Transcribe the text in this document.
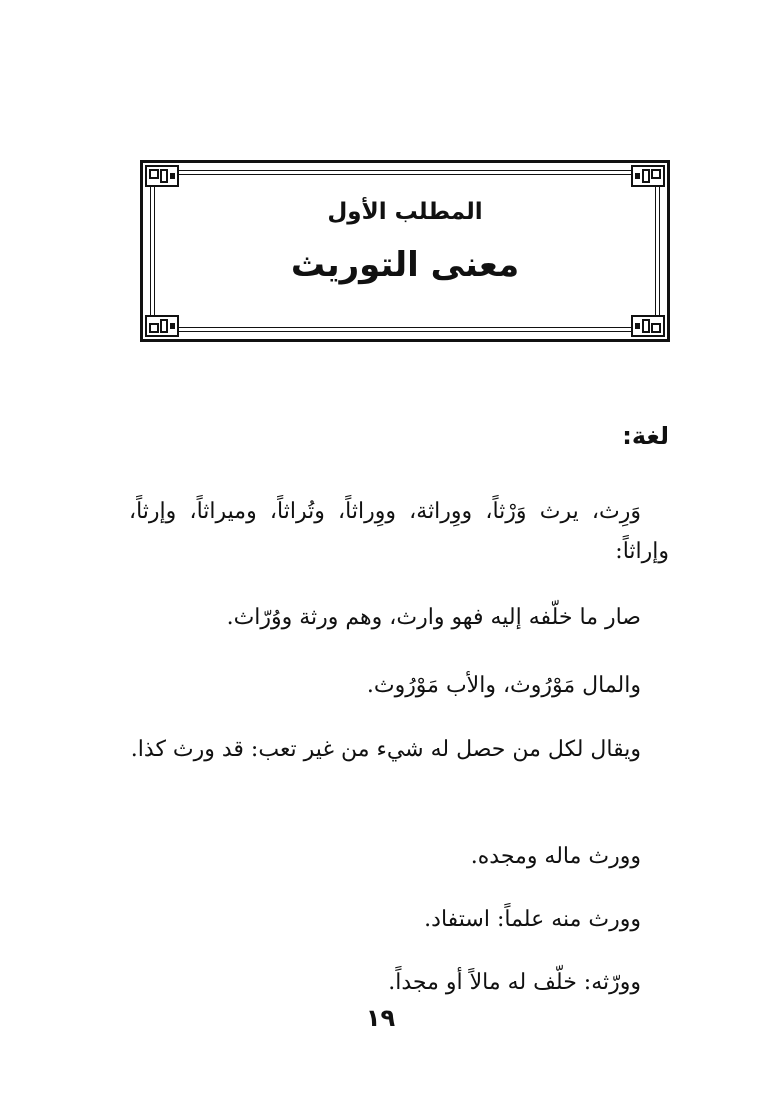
المطلب الأول
معنى التوريث
لغة:

وَرِث، يرث وَرْثاً، ووِراثة، ووِراثاً، وتُراثاً، وميراثاً، وإرثاً، وإراثاً:

صار ما خلّفه إليه فهو وارث، وهم ورثة ووُرّاث.

والمال مَوْرُوث، والأب مَوْرُوث.

ويقال لكل من حصل له شيء من غير تعب: قد ورث كذا.

وورث ماله ومجده.

وورث منه علماً: استفاد.

وورّثه: خلّف له مالاً أو مجداً.

١٩
